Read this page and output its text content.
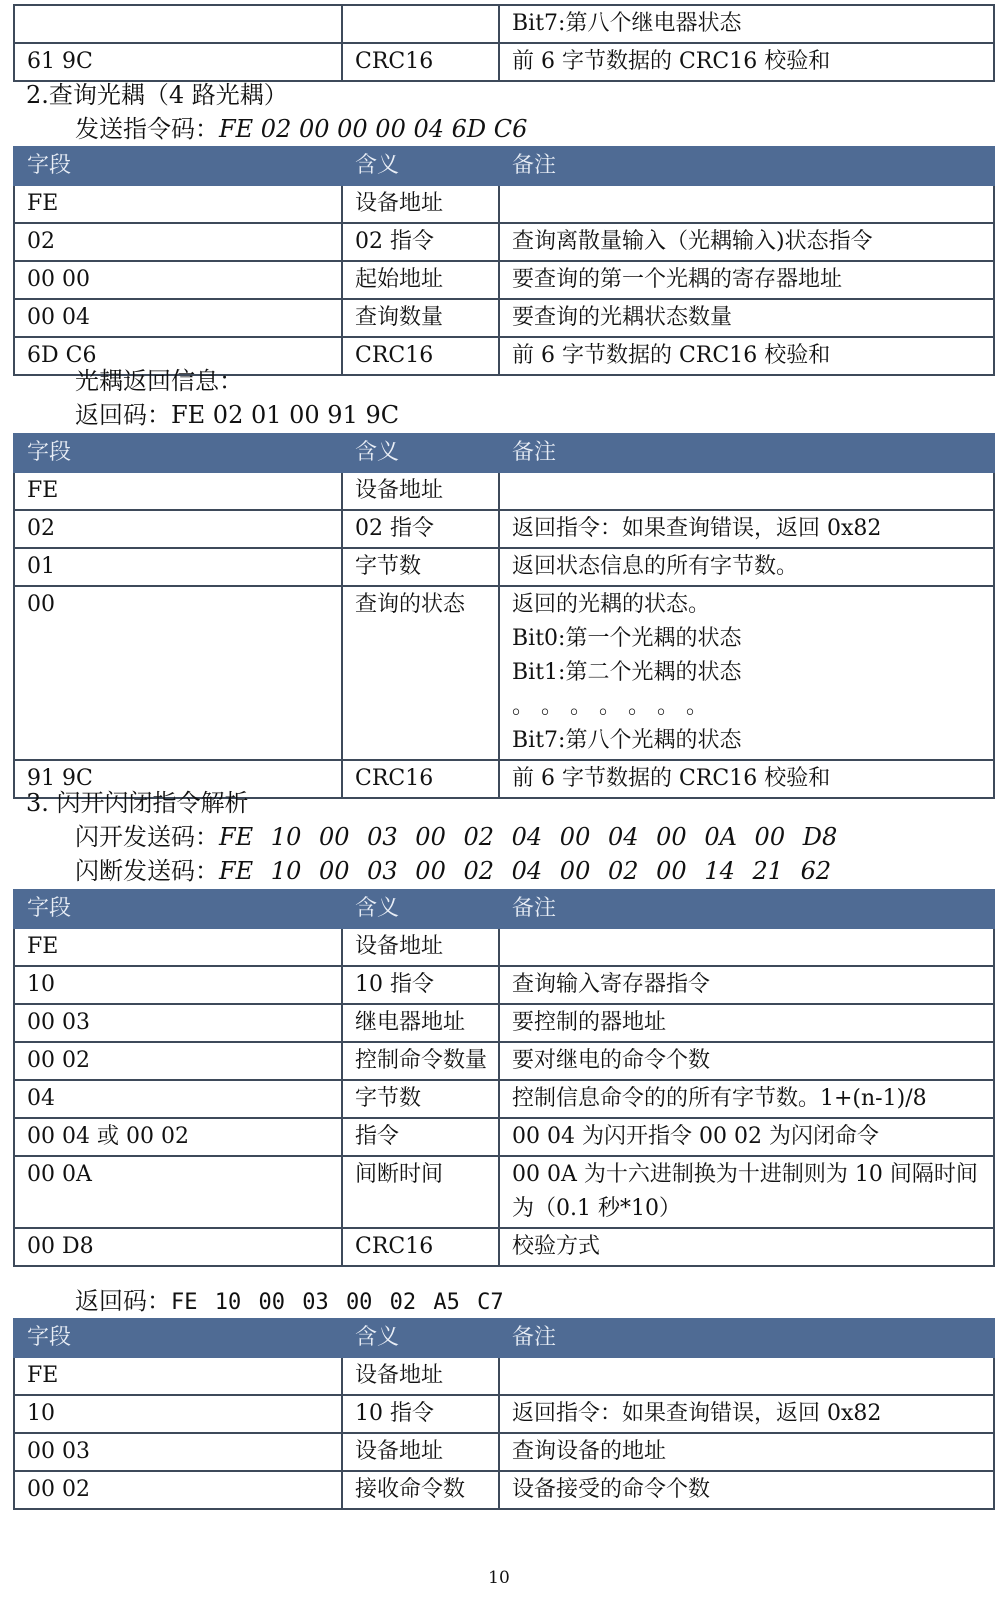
		Bit7:第八个继电器状态
61 9C	CRC16	前 6 字节数据的 CRC16 校验和
2.查询光耦（4 路光耦）
发送指令码：FE 02 00 00 00 04 6D C6
字段	含义	备注
FE	设备地址	
02	02 指令	查询离散量输入（光耦输入)状态指令
00 00	起始地址	要查询的第一个光耦的寄存器地址
00 04	查询数量	要查询的光耦状态数量
6D C6	CRC16	前 6 字节数据的 CRC16 校验和
光耦返回信息：
返回码：FE 02 01 00 91 9C
字段	含义	备注
FE	设备地址	
02	02 指令	返回指令：如果查询错误，返回 0x82
01	字节数	返回状态信息的所有字节数。
00	查询的状态	返回的光耦的状态。
Bit0:第一个光耦的状态
Bit1:第二个光耦的状态
。 。 。 。 。 。 。
Bit7:第八个光耦的状态

91 9C	CRC16	前 6 字节数据的 CRC16 校验和
3. 闪开闪闭指令解析
闪开发送码：FE 10 00 03 00 02 04 00 04 00 0A 00 D8
闪断发送码：FE 10 00 03 00 02 04 00 02 00 14 21 62
字段	含义	备注
FE	设备地址	
10	10 指令	查询输入寄存器指令
00 03	继电器地址	要控制的器地址
00 02	控制命令数量	要对继电的命令个数
04	字节数	控制信息命令的的所有字节数。1+(n-1)/8
00 04 或 00 02	指令	00 04 为闪开指令 00 02 为闪闭命令
00 0A	间断时间	00 0A 为十六进制换为十进制则为 10 间隔时间为（0.1 秒*10）
00 D8	CRC16	校验方式
返回码：FE 10 00 03 00 02 A5 C7
字段	含义	备注
FE	设备地址	
10	10 指令	返回指令：如果查询错误，返回 0x82
00 03	设备地址	查询设备的地址
00 02	接收命令数	设备接受的命令个数
10
